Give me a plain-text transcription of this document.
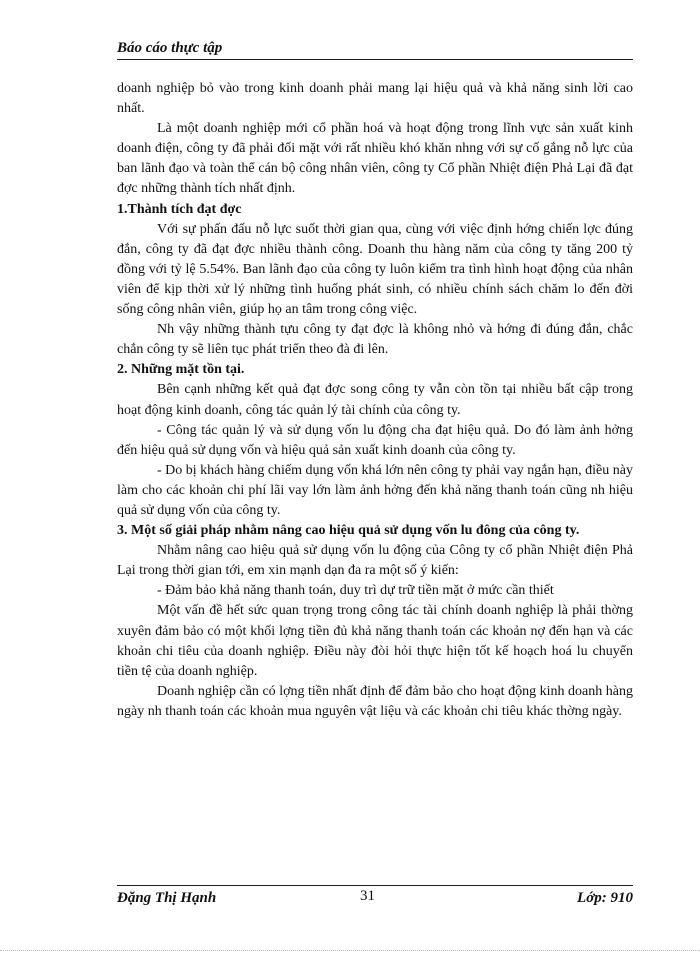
Báo cáo thực tập

doanh nghiệp bỏ vào trong kinh doanh phải mang lại hiệu quả và khả năng sinh lời cao nhất.

Là một doanh nghiệp mới cổ phần hoá và hoạt động trong lĩnh vực sản xuất kinh doanh điện, công ty đã phải đối mặt với rất nhiều khó khăn nhng với sự cố gắng nỗ lực của ban lãnh đạo và toàn thể cán bộ công nhân viên, công ty Cổ phần Nhiệt điện Phả Lại đã đạt đợc những thành tích nhất định.

1.Thành tích đạt đợc

Với sự phấn đấu nỗ lực suốt thời gian qua, cùng với việc định hớng chiến lợc đúng đắn, công ty đã đạt đợc nhiều thành công. Doanh thu hàng năm của công ty tăng 200 tỷ đồng với tỷ lệ 5.54%. Ban lãnh đạo của công ty luôn kiểm tra tình hình hoạt động của nhân viên để kịp thời xử lý những tình huống phát sinh, có nhiều chính sách chăm lo đến đời sống công nhân viên, giúp họ an tâm trong công việc.

Nh vậy những thành tựu công ty đạt đợc là không nhỏ và hớng đi đúng đắn, chắc chắn công ty sẽ liên tục phát triển theo đà đi lên.

2. Những mặt tồn tại.

Bên cạnh những kết quả đạt đợc song công ty vẫn còn tồn tại nhiều bất cập trong hoạt động kinh doanh, công tác quản lý tài chính của công ty.

- Công tác quản lý và sử dụng vốn lu động cha đạt hiệu quả. Do đó làm ảnh hởng đến hiệu quả sử dụng vốn và hiệu quả sản xuất kinh doanh của công ty.

- Do bị khách hàng chiếm dụng vốn khá lớn nên công ty phải vay ngắn hạn, điều này làm cho các khoản chi phí lãi vay lớn làm ảnh hởng đến khả năng thanh toán cũng nh hiệu quả sử dụng vốn của công ty.

3. Một số giải pháp nhằm nâng cao hiệu quả sử dụng vốn lu đông của công ty.

Nhằm nâng cao hiệu quả sử dụng vốn lu động của Công ty cổ phần Nhiệt điện Phả Lại trong thời gian tới, em xin mạnh dạn đa ra một số ý kiến:

- Đảm bảo khả năng thanh toán, duy trì dự trữ tiền mặt ở mức cần thiết

Một vấn đề hết sức quan trọng trong công tác tài chính doanh nghiệp là phải thờng xuyên đảm bảo có một khối lợng tiền đủ khả năng thanh toán các khoản nợ đến hạn và các khoản chi tiêu của doanh nghiệp. Điều này đòi hỏi thực hiện tốt kế hoạch hoá lu chuyển tiền tệ của doanh nghiệp.

Doanh nghiệp cần có lợng tiền nhất định để đảm bảo cho hoạt động kinh doanh hàng ngày nh thanh toán các khoản mua nguyên vật liệu và các khoản chi tiêu khác thờng ngày.

Đặng Thị Hạnh	31	Lớp: 910
